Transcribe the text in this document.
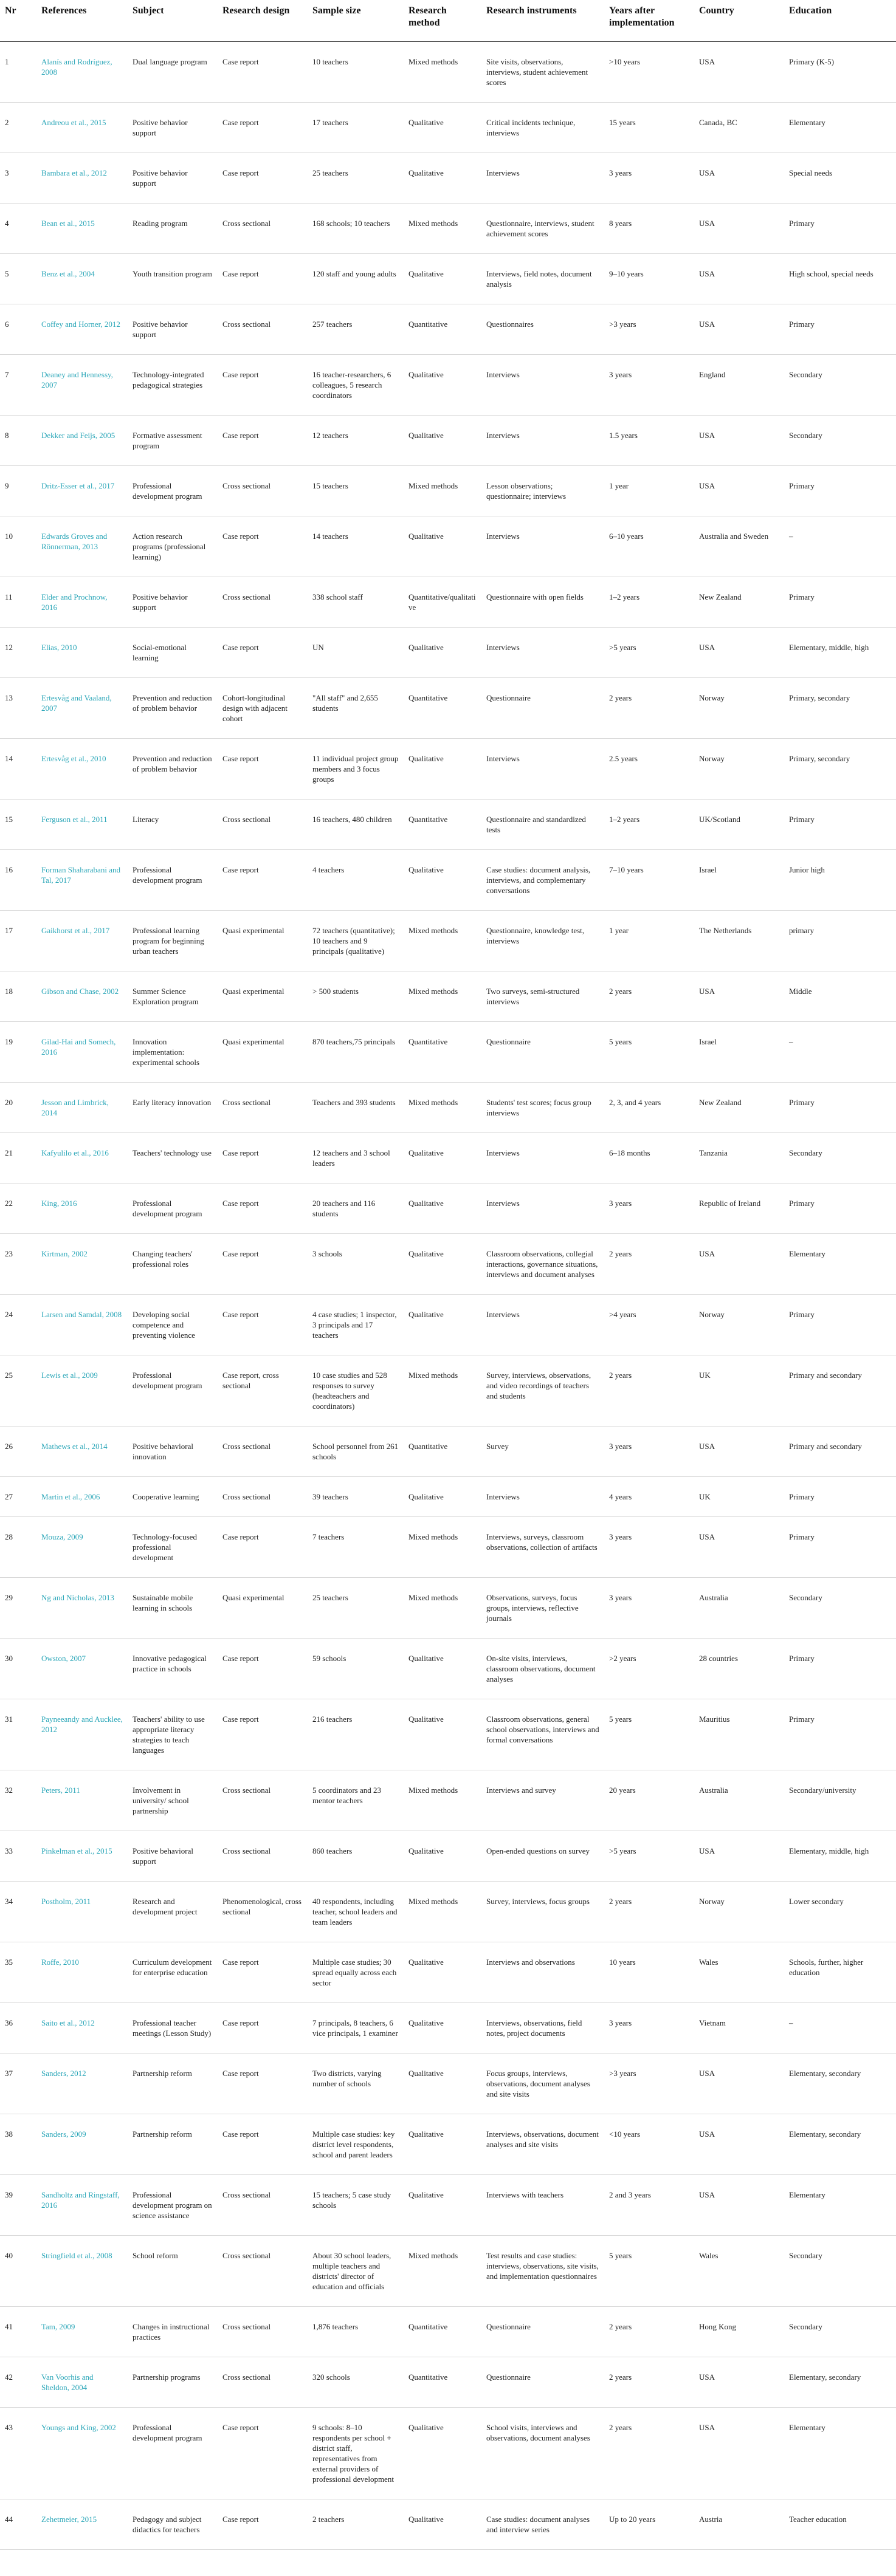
Nr	References	Subject	Research design	Sample size	Research method	Research instruments	Years after implementation	Country	Education
1	Alanís and Rodríguez, 2008	Dual language program	Case report	10 teachers	Mixed methods	Site visits, observations, interviews, student achievement scores	>10 years	USA	Primary (K-5)
2	Andreou et al., 2015	Positive behavior support	Case report	17 teachers	Qualitative	Critical incidents technique, interviews	15 years	Canada, BC	Elementary
3	Bambara et al., 2012	Positive behavior support	Case report	25 teachers	Qualitative	Interviews	3 years	USA	Special needs
4	Bean et al., 2015	Reading program	Cross sectional	168 schools; 10 teachers	Mixed methods	Questionnaire, interviews, student achievement scores	8 years	USA	Primary
5	Benz et al., 2004	Youth transition program	Case report	120 staff and young adults	Qualitative	Interviews, field notes, document analysis	9–10 years	USA	High school, special needs
6	Coffey and Horner, 2012	Positive behavior support	Cross sectional	257 teachers	Quantitative	Questionnaires	>3 years	USA	Primary
7	Deaney and Hennessy, 2007	Technology-integrated pedagogical strategies	Case report	16 teacher-researchers, 6 colleagues, 5 research coordinators	Qualitative	Interviews	3 years	England	Secondary
8	Dekker and Feijs, 2005	Formative assessment program	Case report	12 teachers	Qualitative	Interviews	1.5 years	USA	Secondary
9	Dritz-Esser et al., 2017	Professional development program	Cross sectional	15 teachers	Mixed methods	Lesson observations; questionnaire; interviews	1 year	USA	Primary
10	Edwards Groves and Rönnerman, 2013	Action research programs (professional learning)	Case report	14 teachers	Qualitative	Interviews	6–10 years	Australia and Sweden	–
11	Elder and Prochnow, 2016	Positive behavior support	Cross sectional	338 school staff	Quantitative/qualitative	Questionnaire with open fields	1–2 years	New Zealand	Primary
12	Elias, 2010	Social-emotional learning	Case report	UN	Qualitative	Interviews	>5 years	USA	Elementary, middle, high
13	Ertesvåg and Vaaland, 2007	Prevention and reduction of problem behavior	Cohort-longitudinal design with adjacent cohort	"All staff" and 2,655 students	Quantitative	Questionnaire	2 years	Norway	Primary, secondary
14	Ertesvåg et al., 2010	Prevention and reduction of problem behavior	Case report	11 individual project group members and 3 focus groups	Qualitative	Interviews	2.5 years	Norway	Primary, secondary
15	Ferguson et al., 2011	Literacy	Cross sectional	16 teachers, 480 children	Quantitative	Questionnaire and standardized tests	1–2 years	UK/Scotland	Primary
16	Forman Shaharabani and Tal, 2017	Professional development program	Case report	4 teachers	Qualitative	Case studies: document analysis, interviews, and complementary conversations	7–10 years	Israel	Junior high
17	Gaikhorst et al., 2017	Professional learning program for beginning urban teachers	Quasi experimental	72 teachers (quantitative); 10 teachers and 9 principals (qualitative)	Mixed methods	Questionnaire, knowledge test, interviews	1 year	The Netherlands	primary
18	Gibson and Chase, 2002	Summer Science Exploration program	Quasi experimental	> 500 students	Mixed methods	Two surveys, semi-structured interviews	2 years	USA	Middle
19	Gilad-Hai and Somech, 2016	Innovation implementation: experimental schools	Quasi experimental	870 teachers,75 principals	Quantitative	Questionnaire	5 years	Israel	–
20	Jesson and Limbrick, 2014	Early literacy innovation	Cross sectional	Teachers and 393 students	Mixed methods	Students' test scores; focus group interviews	2, 3, and 4 years	New Zealand	Primary
21	Kafyulilo et al., 2016	Teachers' technology use	Case report	12 teachers and 3 school leaders	Qualitative	Interviews	6–18 months	Tanzania	Secondary
22	King, 2016	Professional development program	Case report	20 teachers and 116 students	Qualitative	Interviews	3 years	Republic of Ireland	Primary
23	Kirtman, 2002	Changing teachers' professional roles	Case report	3 schools	Qualitative	Classroom observations, collegial interactions, governance situations, interviews and document analyses	2 years	USA	Elementary
24	Larsen and Samdal, 2008	Developing social competence and preventing violence	Case report	4 case studies; 1 inspector, 3 principals and 17 teachers	Qualitative	Interviews	>4 years	Norway	Primary
25	Lewis et al., 2009	Professional development program	Case report, cross sectional	10 case studies and 528 responses to survey (headteachers and coordinators)	Mixed methods	Survey, interviews, observations, and video recordings of teachers and students	2 years	UK	Primary and secondary
26	Mathews et al., 2014	Positive behavioral innovation	Cross sectional	School personnel from 261 schools	Quantitative	Survey	3 years	USA	Primary and secondary
27	Martin et al., 2006	Cooperative learning	Cross sectional	39 teachers	Qualitative	Interviews	4 years	UK	Primary
28	Mouza, 2009	Technology-focused professional development	Case report	7 teachers	Mixed methods	Interviews, surveys, classroom observations, collection of artifacts	3 years	USA	Primary
29	Ng and Nicholas, 2013	Sustainable mobile learning in schools	Quasi experimental	25 teachers	Mixed methods	Observations, surveys, focus groups, interviews, reflective journals	3 years	Australia	Secondary
30	Owston, 2007	Innovative pedagogical practice in schools	Case report	59 schools	Qualitative	On-site visits, interviews, classroom observations, document analyses	>2 years	28 countries	Primary
31	Payneeandy and Aucklee, 2012	Teachers' ability to use appropriate literacy strategies to teach languages	Case report	216 teachers	Qualitative	Classroom observations, general school observations, interviews and formal conversations	5 years	Mauritius	Primary
32	Peters, 2011	Involvement in university/ school partnership	Cross sectional	5 coordinators and 23 mentor teachers	Mixed methods	Interviews and survey	20 years	Australia	Secondary/university
33	Pinkelman et al., 2015	Positive behavioral support	Cross sectional	860 teachers	Qualitative	Open-ended questions on survey	>5 years	USA	Elementary, middle, high
34	Postholm, 2011	Research and development project	Phenomenological, cross sectional	40 respondents, including teacher, school leaders and team leaders	Mixed methods	Survey, interviews, focus groups	2 years	Norway	Lower secondary
35	Roffe, 2010	Curriculum development for enterprise education	Case report	Multiple case studies; 30 spread equally across each sector	Qualitative	Interviews and observations	10 years	Wales	Schools, further, higher education
36	Saito et al., 2012	Professional teacher meetings (Lesson Study)	Case report	7 principals, 8 teachers, 6 vice principals, 1 examiner	Qualitative	Interviews, observations, field notes, project documents	3 years	Vietnam	–
37	Sanders, 2012	Partnership reform	Case report	Two districts, varying number of schools	Qualitative	Focus groups, interviews, observations, document analyses and site visits	>3 years	USA	Elementary, secondary
38	Sanders, 2009	Partnership reform	Case report	Multiple case studies: key district level respondents, school and parent leaders	Qualitative	Interviews, observations, document analyses and site visits	<10 years	USA	Elementary, secondary
39	Sandholtz and Ringstaff, 2016	Professional development program on science assistance	Cross sectional	15 teachers; 5 case study schools	Qualitative	Interviews with teachers	2 and 3 years	USA	Elementary
40	Stringfield et al., 2008	School reform	Cross sectional	About 30 school leaders, multiple teachers and districts' director of education and officials	Mixed methods	Test results and case studies: interviews, observations, site visits, and implementation questionnaires	5 years	Wales	Secondary
41	Tam, 2009	Changes in instructional practices	Cross sectional	1,876 teachers	Quantitative	Questionnaire	2 years	Hong Kong	Secondary
42	Van Voorhis and Sheldon, 2004	Partnership programs	Cross sectional	320 schools	Quantitative	Questionnaire	2 years	USA	Elementary, secondary
43	Youngs and King, 2002	Professional development program	Case report	9 schools: 8–10 respondents per school + district staff, representatives from external providers of professional development	Qualitative	School visits, interviews and observations, document analyses	2 years	USA	Elementary
44	Zehetmeier, 2015	Pedagogy and subject didactics for teachers	Case report	2 teachers	Qualitative	Case studies: document analyses and interview series	Up to 20 years	Austria	Teacher education
